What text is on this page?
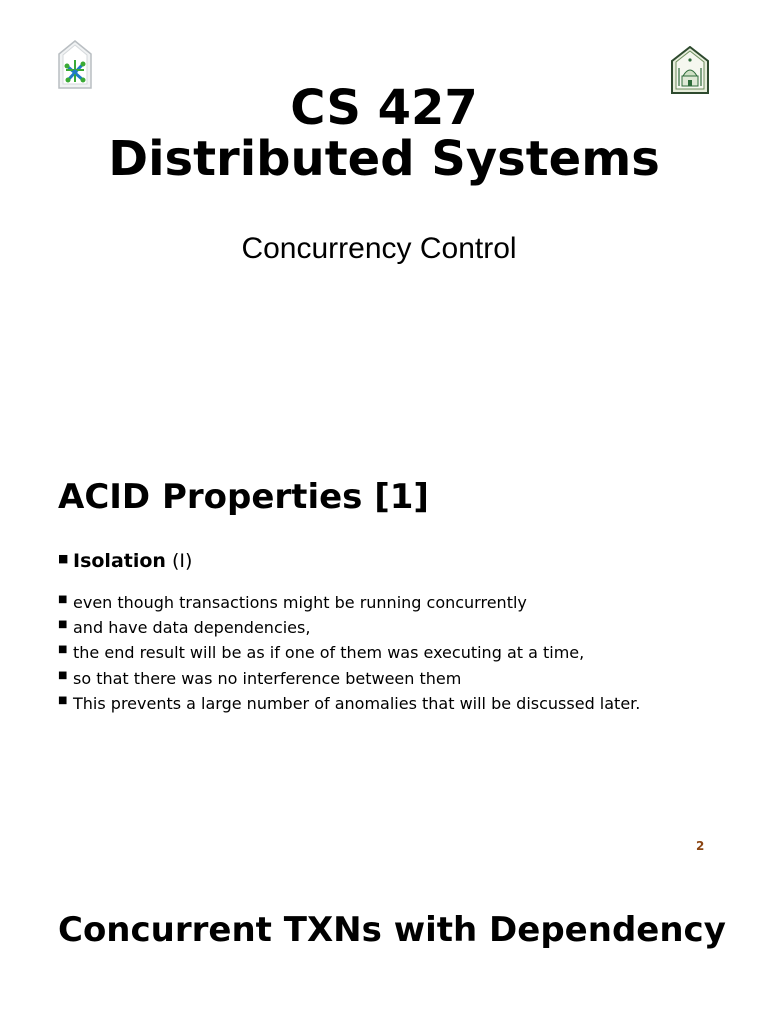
CS 427
Distributed Systems

Concurrency Control

ACID Properties [1]
■ Isolation (I)
■ even though transactions might be running concurrently
■ and have data dependencies,
■ the end result will be as if one of them was executing at a time,
■ so that there was no interference between them
■ This prevents a large number of anomalies that will be discussed later.
2
Concurrent TXNs with Dependency
